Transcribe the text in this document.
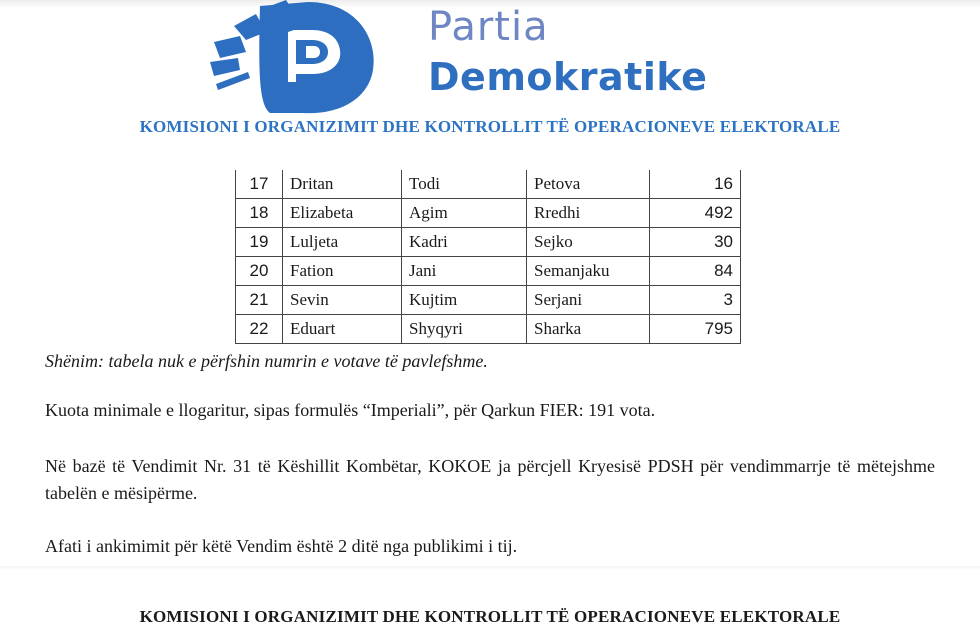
Partia
Demokratike
KOMISIONI I ORGANIZIMIT DHE KONTROLLIT TË OPERACIONEVE ELEKTORALE
17	Dritan	Todi	Petova	16
18	Elizabeta	Agim	Rredhi	492
19	Luljeta	Kadri	Sejko	30
20	Fation	Jani	Semanjaku	84
21	Sevin	Kujtim	Serjani	3
22	Eduart	Shyqyri	Sharka	795
Shënim: tabela nuk e përfshin numrin e votave të pavlefshme.
Kuota minimale e llogaritur, sipas formulës “Imperiali”, për Qarkun FIER: 191 vota.
Në bazë të Vendimit Nr. 31 të Këshillit Kombëtar, KOKOE ja përcjell Kryesisë PDSH për vendimmarrje të mëtejshme tabelën e mësipërme.
Afati i ankimimit për këtë Vendim është 2 ditë nga publikimi i tij.
KOMISIONI I ORGANIZIMIT DHE KONTROLLIT TË OPERACIONEVE ELEKTORALE
